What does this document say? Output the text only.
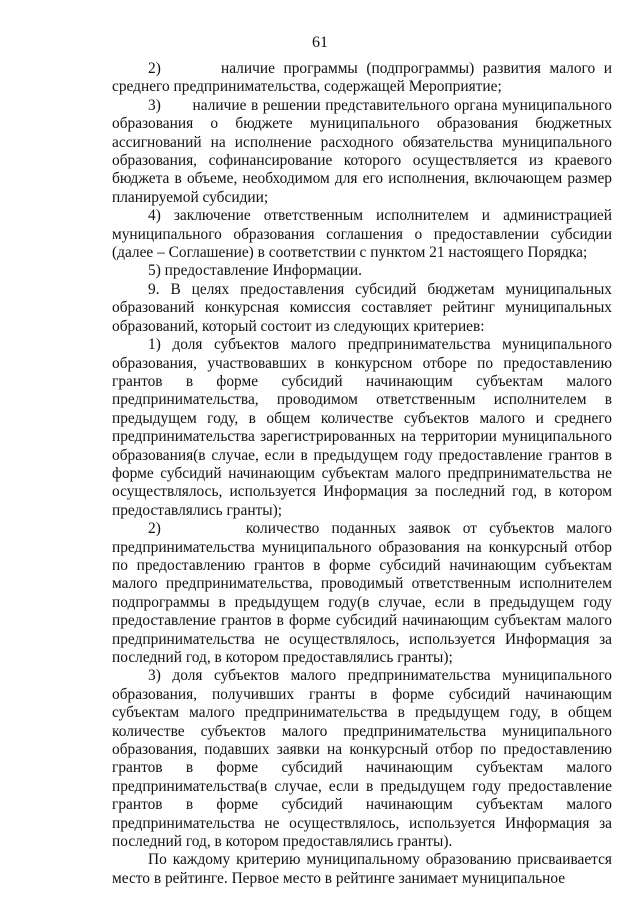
61

2)       наличие программы (подпрограммы) развития малого и среднего предпринимательства, содержащей Мероприятие;

3)       наличие в решении представительного органа муниципального образования о бюджете муниципального образования бюджетных ассигнований на исполнение расходного обязательства муниципального образования, софинансирование которого осуществляется из краевого бюджета в объеме, необходимом для его исполнения, включающем размер планируемой субсидии;

4) заключение ответственным исполнителем и администрацией муниципального образования соглашения о предоставлении субсидии (далее – Соглашение) в соответствии с пунктом 21 настоящего Порядка;

5) предоставление Информации.

9. В целях предоставления субсидий бюджетам муниципальных образований конкурсная комиссия составляет рейтинг муниципальных образований, который состоит из следующих критериев:

1) доля субъектов малого предпринимательства муниципального образования, участвовавших в конкурсном отборе по предоставлению грантов в форме субсидий начинающим субъектам малого предпринимательства, проводимом ответственным исполнителем в предыдущем году, в общем количестве субъектов малого и среднего предпринимательства зарегистрированных на территории муниципального образования(в случае, если в предыдущем году предоставление грантов в форме субсидий начинающим субъектам малого предпринимательства не осуществлялось, используется Информация за последний год, в котором предоставлялись гранты);

2)       количество поданных заявок от субъектов малого предпринимательства муниципального образования на конкурсный отбор по предоставлению грантов в форме субсидий начинающим субъектам малого предпринимательства, проводимый ответственным исполнителем подпрограммы в предыдущем году(в случае, если в предыдущем году предоставление грантов в форме субсидий начинающим субъектам малого предпринимательства не осуществлялось, используется Информация за последний год, в котором предоставлялись гранты);

3) доля субъектов малого предпринимательства муниципального образования, получивших гранты в форме субсидий начинающим субъектам малого предпринимательства в предыдущем году, в общем количестве субъектов малого предпринимательства муниципального образования, подавших заявки на конкурсный отбор по предоставлению грантов в форме субсидий начинающим субъектам малого предпринимательства(в случае, если в предыдущем году предоставление грантов в форме субсидий начинающим субъектам малого предпринимательства не осуществлялось, используется Информация за последний год, в котором предоставлялись гранты).

По каждому критерию муниципальному образованию присваивается место в рейтинге. Первое место в рейтинге занимает муниципальное
